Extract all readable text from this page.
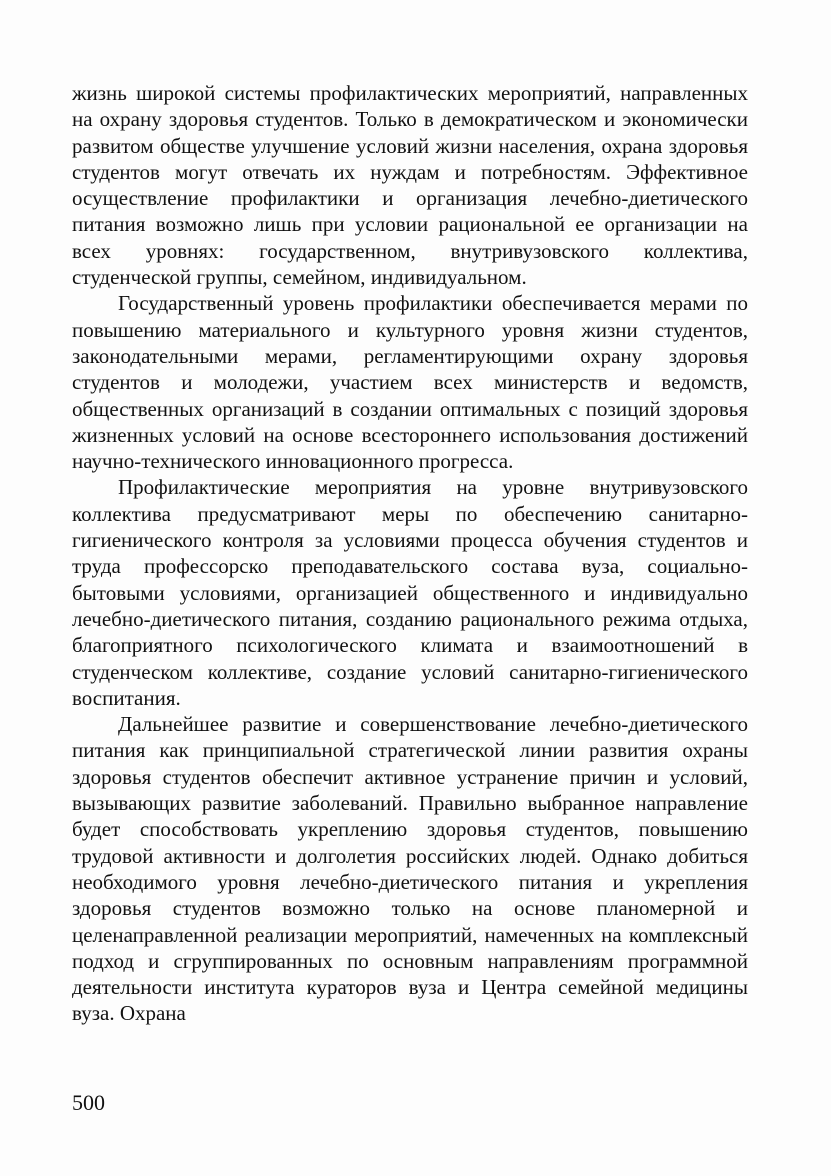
жизнь широкой системы профилактических мероприятий, направленных на охрану здоровья студентов. Только в демократическом и экономически развитом обществе улучшение условий жизни населения, охрана здоровья студентов могут отвечать их нуждам и потребностям. Эффективное осуществление профилактики и организация лечебно-диетического питания возможно лишь при условии рациональной ее организации на всех уровнях: государственном, внутривузовского коллектива, студенческой группы, семейном, индивидуальном.

Государственный уровень профилактики обеспечивается мерами по повышению материального и культурного уровня жизни студентов, законодательными мерами, регламентирующими охрану здоровья студентов и молодежи, участием всех министерств и ведомств, общественных организаций в создании оптимальных с позиций здоровья жизненных условий на основе всестороннего использования достижений научно-технического инновационного прогресса.

Профилактические мероприятия на уровне внутривузовского коллектива предусматривают меры по обеспечению санитарно-гигиенического контроля за условиями процесса обучения студентов и труда профессорско преподавательского состава вуза, социально-бытовыми условиями, организацией общественного и индивидуально лечебно-диетического питания, созданию рационального режима отдыха, благоприятного психологического климата и взаимоотношений в студенческом коллективе, создание условий санитарно-гигиенического воспитания.

Дальнейшее развитие и совершенствование лечебно-диетического питания как принципиальной стратегической линии развития охраны здоровья студентов обеспечит активное устранение причин и условий, вызывающих развитие заболеваний. Правильно выбранное направление будет способствовать укреплению здоровья студентов, повышению трудовой активности и долголетия российских людей. Однако добиться необходимого уровня лечебно-диетического питания и укрепления здоровья студентов возможно только на основе планомерной и целенаправленной реализации мероприятий, намеченных на комплексный подход и сгруппированных по основным направлениям программной деятельности института кураторов вуза и Центра семейной медицины вуза. Охрана

500
